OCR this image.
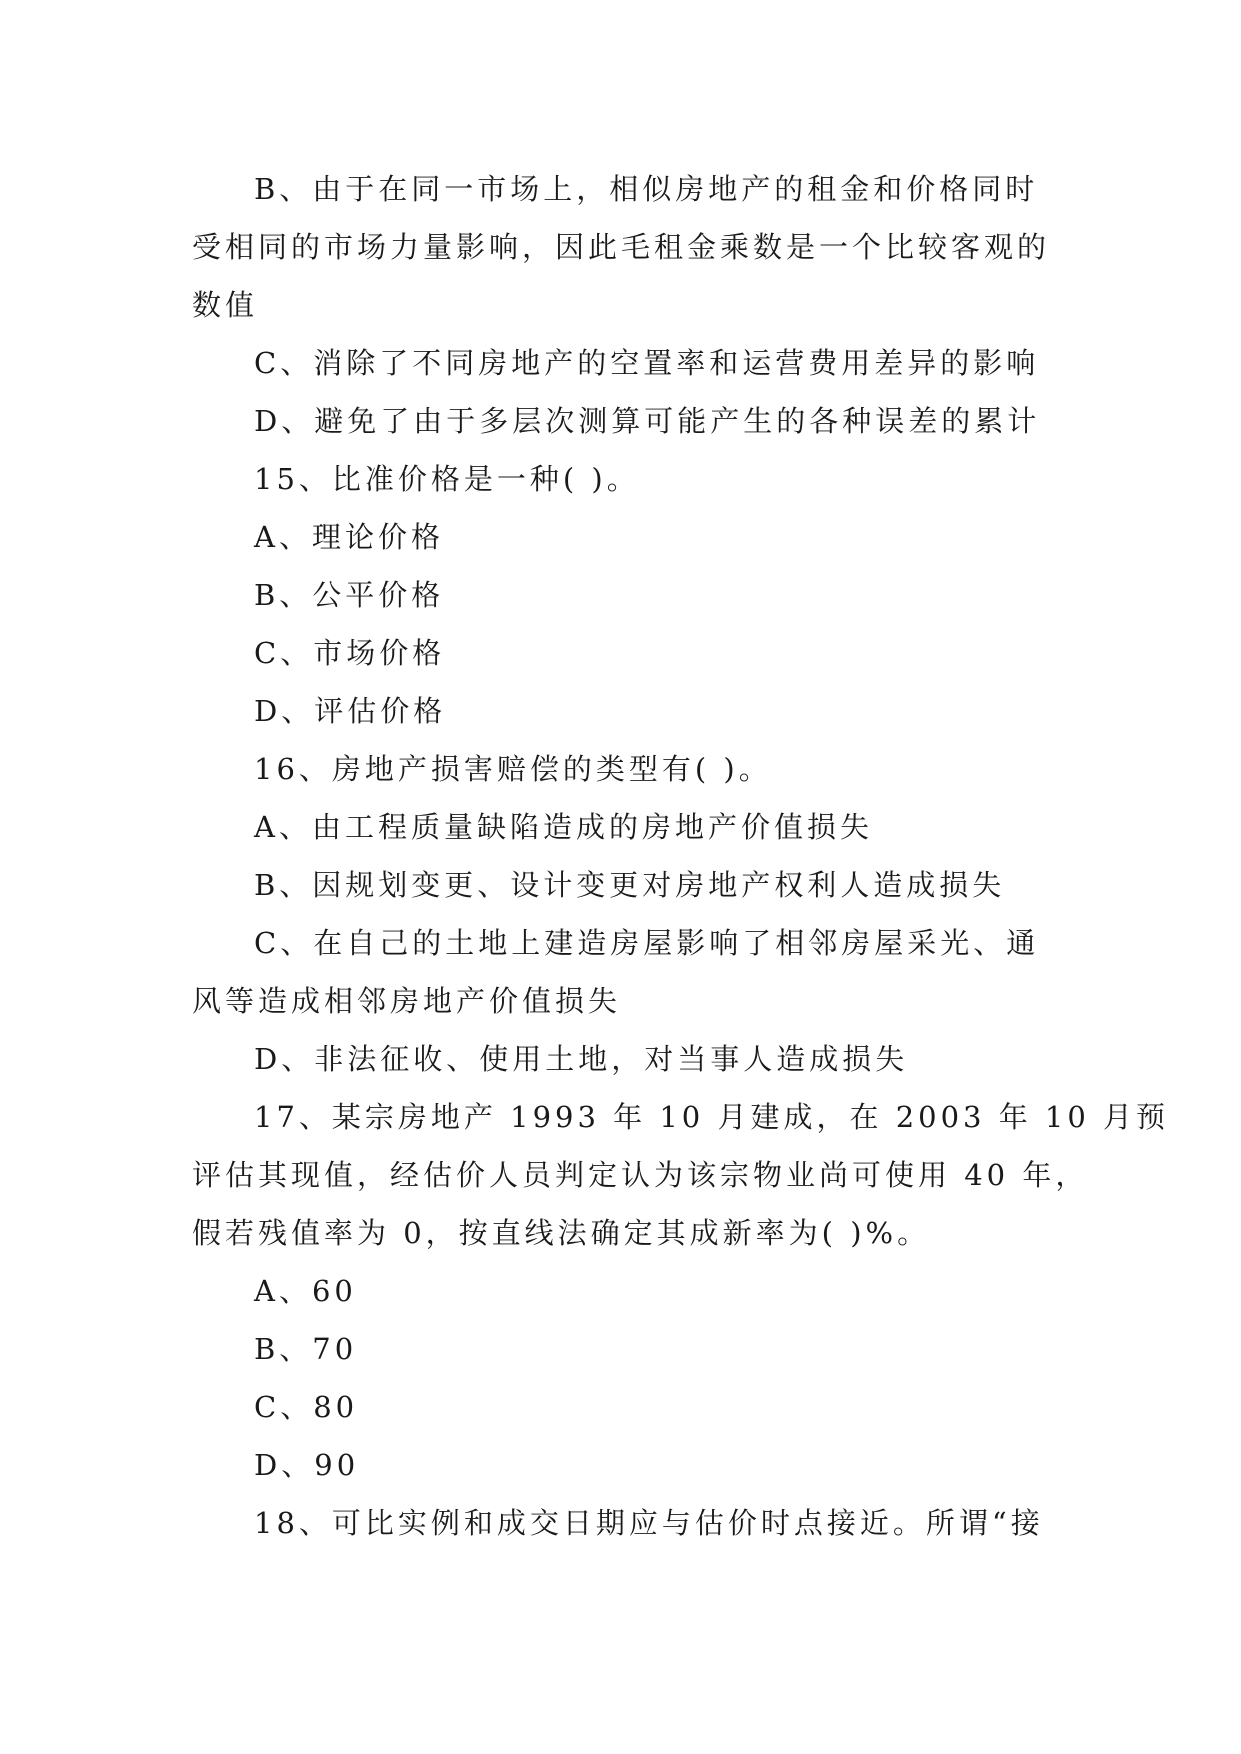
B、由于在同一市场上，相似房地产的租金和价格同时
受相同的市场力量影响，因此毛租金乘数是一个比较客观的
数值
C、消除了不同房地产的空置率和运营费用差异的影响
D、避免了由于多层次测算可能产生的各种误差的累计
15、比准价格是一种( )。
A、理论价格
B、公平价格
C、市场价格
D、评估价格
16、房地产损害赔偿的类型有( )。
A、由工程质量缺陷造成的房地产价值损失
B、因规划变更、设计变更对房地产权利人造成损失
C、在自己的土地上建造房屋影响了相邻房屋采光、通
风等造成相邻房地产价值损失
D、非法征收、使用土地，对当事人造成损失
17、某宗房地产 1993 年 10 月建成，在 2003 年 10 月预
评估其现值，经估价人员判定认为该宗物业尚可使用 40 年，
假若残值率为 0，按直线法确定其成新率为( )%。
A、60
B、70
C、80
D、90
18、可比实例和成交日期应与估价时点接近。所谓“接
